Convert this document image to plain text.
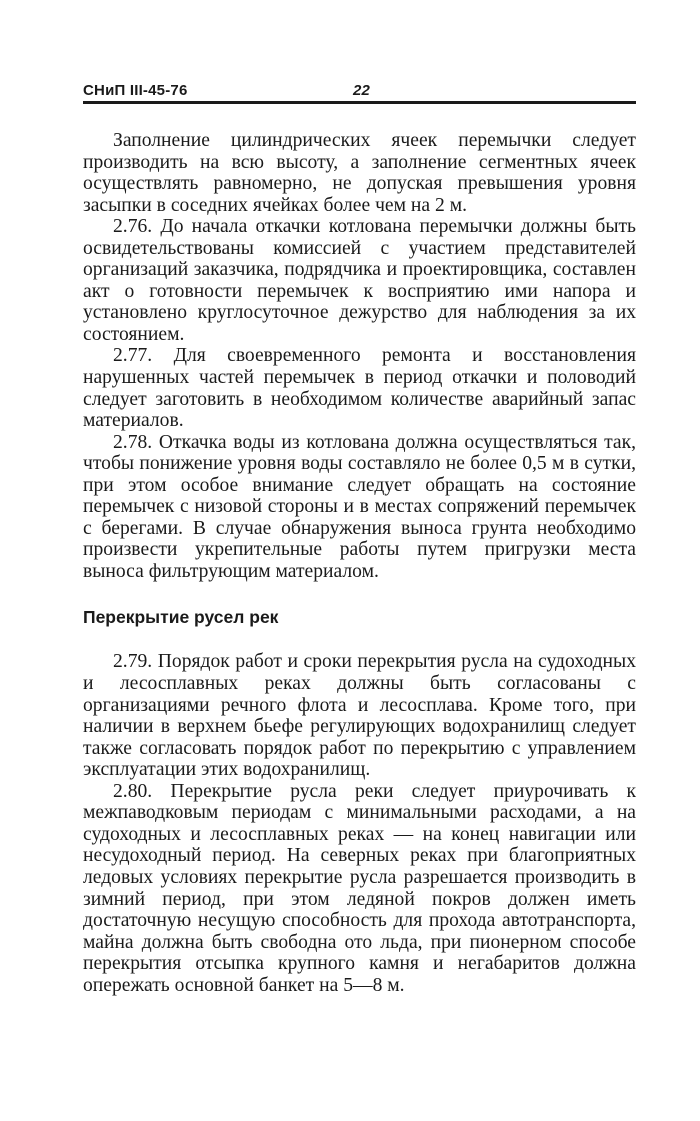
СНиП III-45-76	22

Заполнение цилиндрических ячеек перемычки следует производить на всю высоту, а заполнение сегментных ячеек осуществлять равномерно, не допуская превышения уровня засыпки в соседних ячейках более чем на 2 м.

2.76. До начала откачки котлована перемычки должны быть освидетельствованы комиссией с участием представителей организаций заказчика, подрядчика и проектировщика, составлен акт о готовности перемычек к восприятию ими напора и установлено круглосуточное дежурство для наблюдения за их состоянием.

2.77. Для своевременного ремонта и восстановления нарушенных частей перемычек в период откачки и половодий следует заготовить в необходимом количестве аварийный запас материалов.

2.78. Откачка воды из котлована должна осуществляться так, чтобы понижение уровня воды составляло не более 0,5 м в сутки, при этом особое внимание следует обращать на состояние перемычек с низовой стороны и в местах сопряжений перемычек с берегами. В случае обнаружения выноса грунта необходимо произвести укрепительные работы путем пригрузки места выноса фильтрующим материалом.

Перекрытие русел рек

2.79. Порядок работ и сроки перекрытия русла на судоходных и лесосплавных реках должны быть согласованы с организациями речного флота и лесосплава. Кроме того, при наличии в верхнем бьефе регулирующих водохранилищ следует также согласовать порядок работ по перекрытию с управлением эксплуатации этих водохранилищ.

2.80. Перекрытие русла реки следует приурочивать к межпаводковым периодам с минимальными расходами, а на судоходных и лесосплавных реках — на конец навигации или несудоходный период. На северных реках при благоприятных ледовых условиях перекрытие русла разрешается производить в зимний период, при этом ледяной покров должен иметь достаточную несущую способность для прохода автотранспорта, майна должна быть свободна ото льда, при пионерном способе перекрытия отсыпка крупного камня и негабаритов должна опережать основной банкет на 5—8 м.
